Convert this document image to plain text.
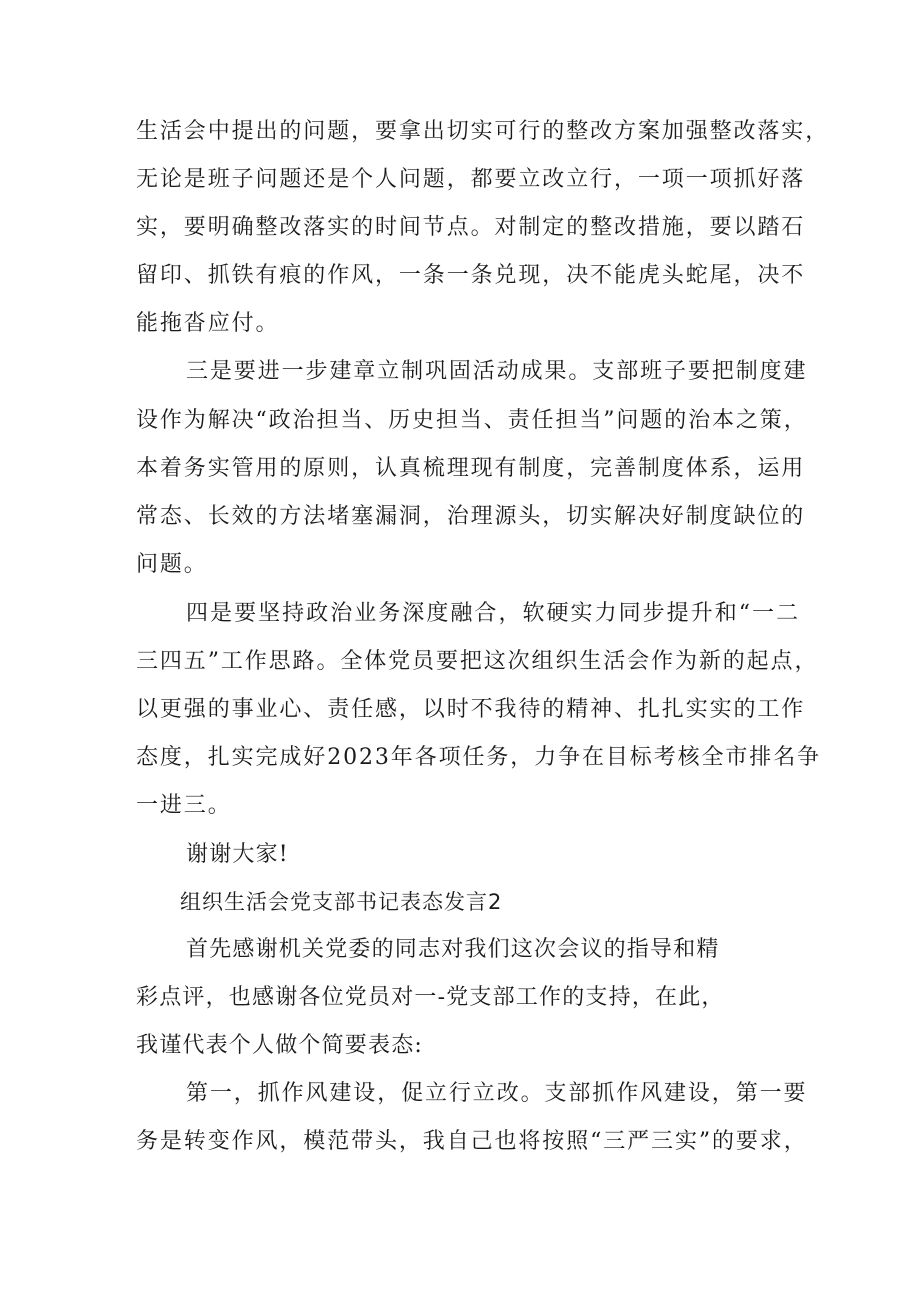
生活会中提出的问题，要拿出切实可行的整改方案加强整改落实，
无论是班子问题还是个人问题，都要立改立行，一项一项抓好落
实，要明确整改落实的时间节点。对制定的整改措施，要以踏石
留印、抓铁有痕的作风，一条一条兑现，决不能虎头蛇尾，决不
能拖沓应付。
三是要进一步建章立制巩固活动成果。支部班子要把制度建
设作为解决“政治担当、历史担当、责任担当”问题的治本之策，
本着务实管用的原则，认真梳理现有制度，完善制度体系，运用
常态、长效的方法堵塞漏洞，治理源头，切实解决好制度缺位的
问题。
四是要坚持政治业务深度融合，软硬实力同步提升和“一二
三四五”工作思路。全体党员要把这次组织生活会作为新的起点，
以更强的事业心、责任感，以时不我待的精神、扎扎实实的工作
态度，扎实完成好2023年各项任务，力争在目标考核全市排名争
一进三。
谢谢大家!
组织生活会党支部书记表态发言2
首先感谢机关党委的同志对我们这次会议的指导和精
彩点评，也感谢各位党员对一-党支部工作的支持，在此，
我谨代表个人做个简要表态:
第一，抓作风建设，促立行立改。支部抓作风建设，第一要
务是转变作风，模范带头，我自己也将按照“三严三实”的要求，
